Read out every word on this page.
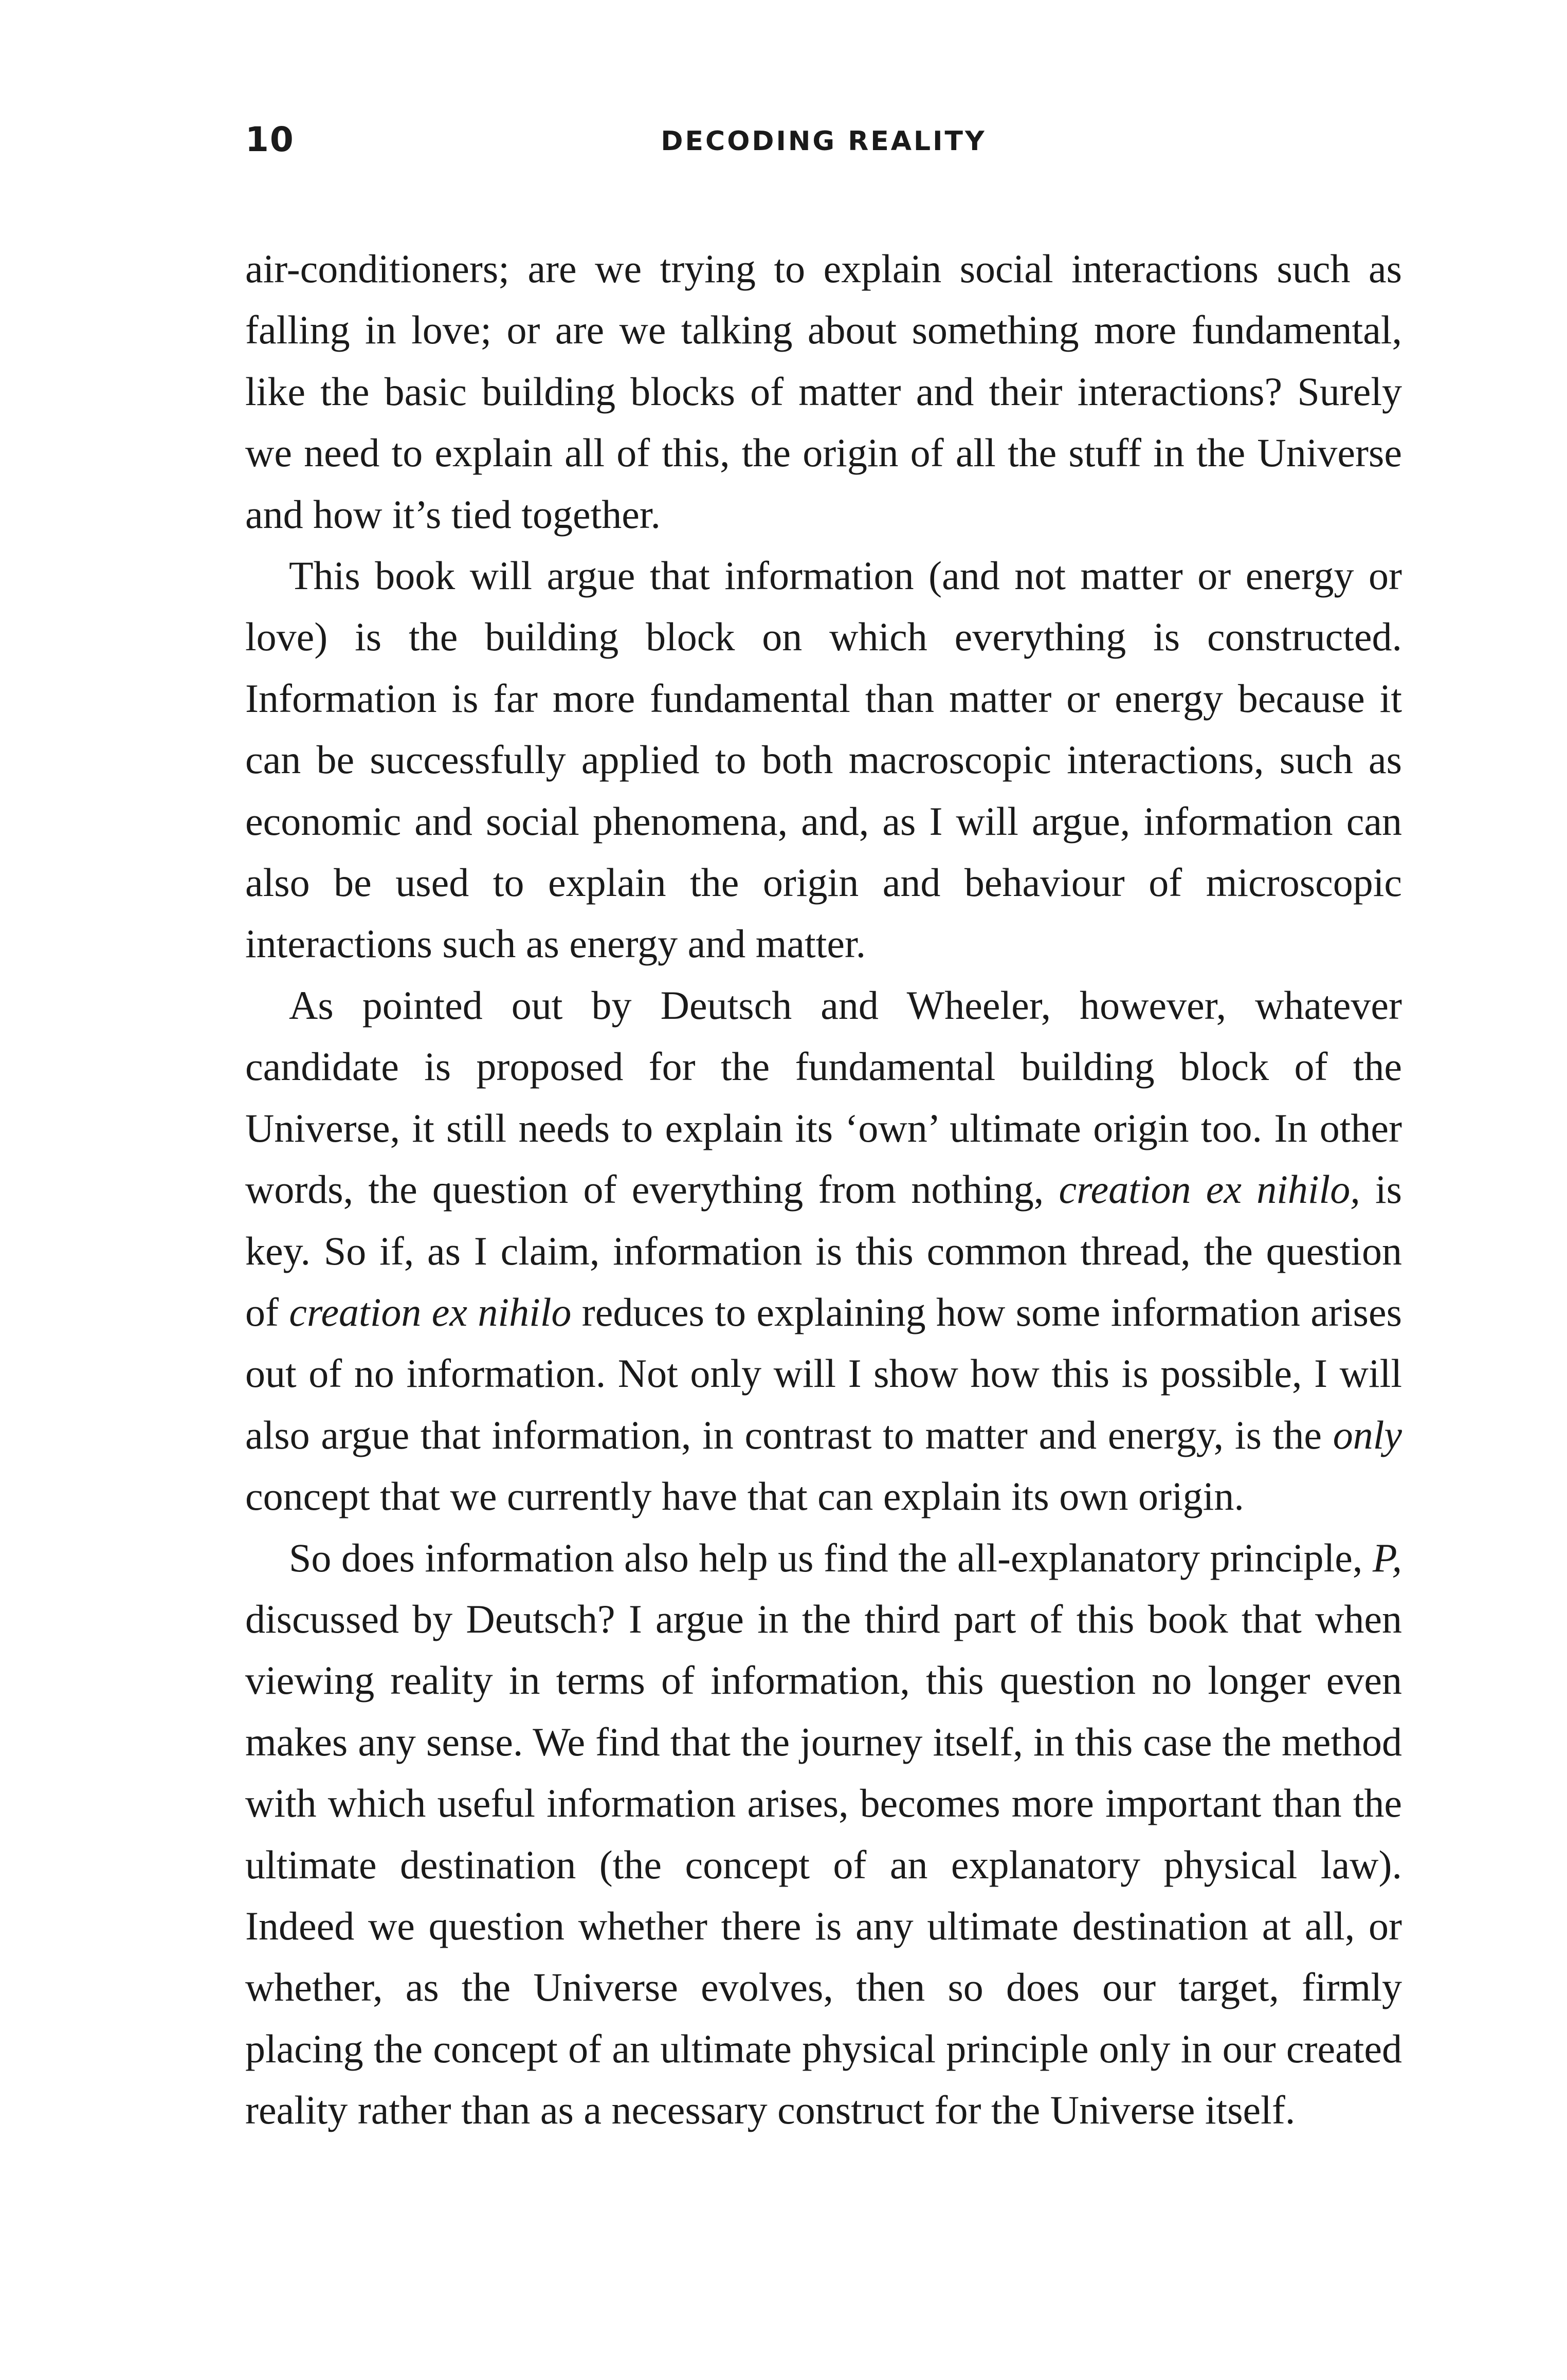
10	DECODING REALITY

air-conditioners; are we trying to explain social interactions such as falling in love; or are we talking about something more fundamental, like the basic building blocks of matter and their interactions? Surely we need to explain all of this, the origin of all the stuff in the Universe and how it’s tied together.

This book will argue that information (and not matter or energy or love) is the building block on which everything is constructed. Information is far more fundamental than matter or energy because it can be successfully applied to both macroscopic interactions, such as economic and social phenomena, and, as I will argue, information can also be used to explain the origin and behaviour of microscopic interactions such as energy and matter.

As pointed out by Deutsch and Wheeler, however, whatever candidate is proposed for the fundamental building block of the Universe, it still needs to explain its ‘own’ ultimate origin too. In other words, the question of everything from nothing, creation ex nihilo, is key. So if, as I claim, information is this common thread, the question of creation ex nihilo reduces to explaining how some information arises out of no information. Not only will I show how this is possible, I will also argue that information, in contrast to matter and energy, is the only concept that we currently have that can explain its own origin.

So does information also help us find the all-explanatory principle, P, discussed by Deutsch? I argue in the third part of this book that when viewing reality in terms of information, this question no longer even makes any sense. We find that the journey itself, in this case the method with which useful information arises, becomes more important than the ultimate destination (the concept of an explanatory physical law). Indeed we question whether there is any ultimate destination at all, or whether, as the Universe evolves, then so does our target, firmly placing the concept of an ultimate physical principle only in our created reality rather than as a necessary construct for the Universe itself.
